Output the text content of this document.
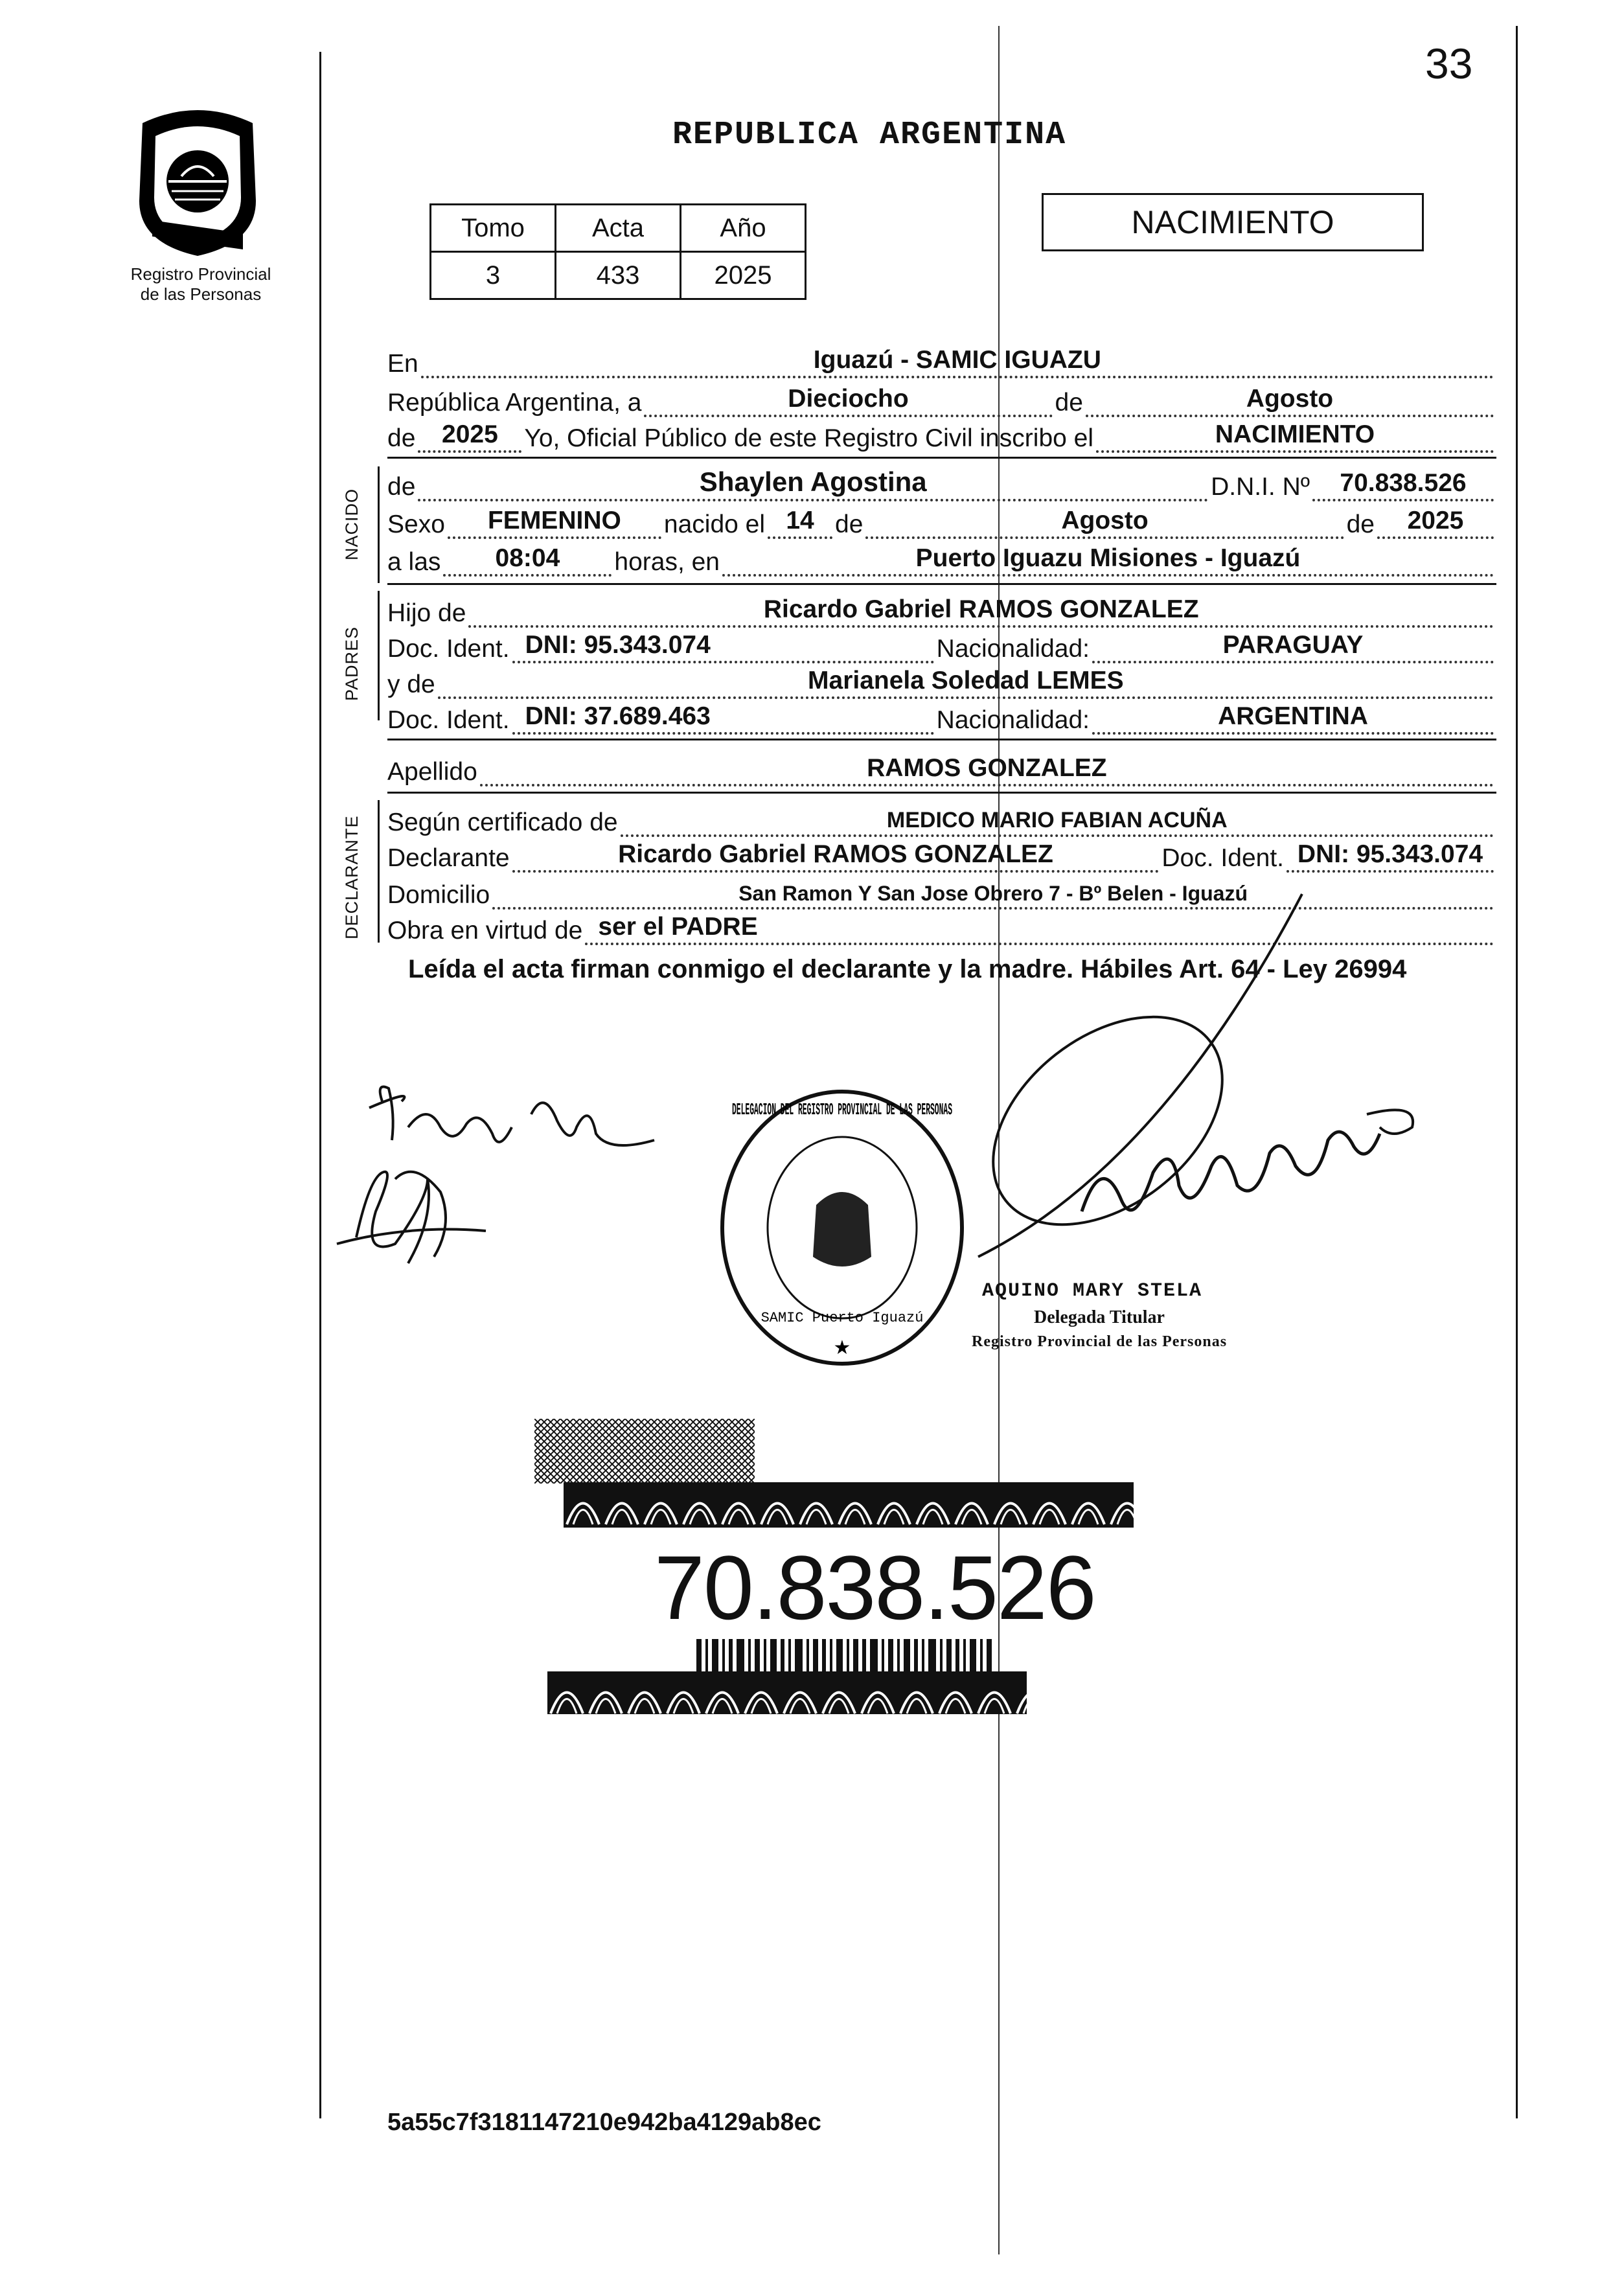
33
Registro Provincial
de las Personas
REPUBLICA ARGENTINA
Tomo	Acta	Año
3	433	2025
NACIMIENTO
En	Iguazú - SAMIC IGUAZU
República Argentina, a	Dieciocho	de	Agosto
de	2025	Yo, Oficial Público de este Registro Civil inscribo el	NACIMIENTO
NACIDO
de	Shaylen Agostina	D.N.I. Nº	70.838.526
Sexo	FEMENINO	nacido el 14 de	Agosto	de	2025
a las	08:04	horas, en	Puerto Iguazu Misiones - Iguazú
PADRES
Hijo de	Ricardo Gabriel RAMOS GONZALEZ
Doc. Ident. DNI: 95.343.074	Nacionalidad:	PARAGUAY
y de	Marianela Soledad LEMES
Doc. Ident. DNI: 37.689.463	Nacionalidad:	ARGENTINA
Apellido	RAMOS GONZALEZ
DECLARANTE Según certificado de	MEDICO MARIO FABIAN ACUÑA
Declarante	Ricardo Gabriel RAMOS GONZALEZ	Doc. Ident. DNI: 95.343.074
Domicilio	San Ramon Y San Jose Obrero 7 - Bº Belen - Iguazú
Obra en virtud de ser el PADRE
Leída el acta firman conmigo el declarante y la madre. Hábiles Art. 64 - Ley 26994
DELEGACION DEL REGISTRO PROVINCIAL DE LAS PERSONAS
SAMIC Puerto Iguazú
★
AQUINO MARY STELA
Delegada Titular
Registro Provincial de las Personas
70.838.526
5a55c7f3181147210e942ba4129ab8ec
